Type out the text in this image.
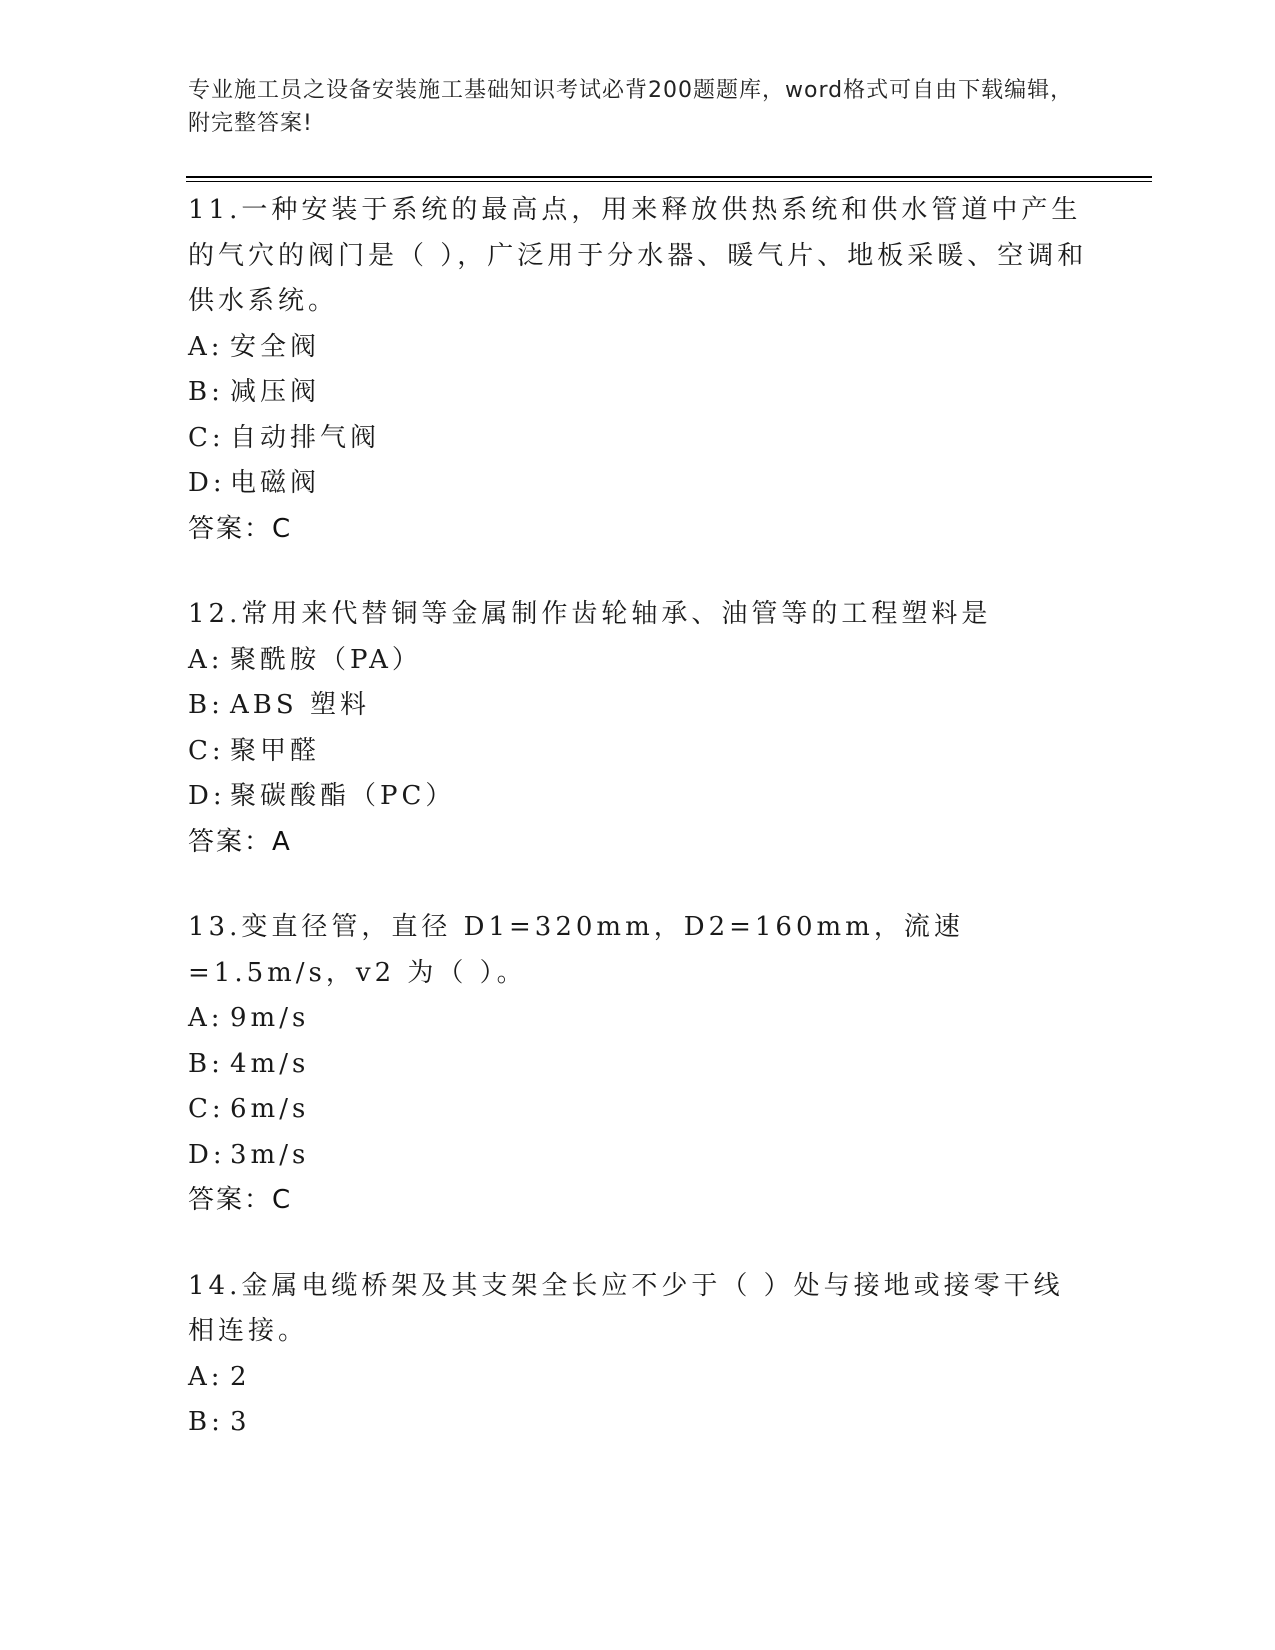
专业施工员之设备安装施工基础知识考试必背200题题库，word格式可自由下载编辑，附完整答案!
11.一种安装于系统的最高点，用来释放供热系统和供水管道中产生的气穴的阀门是（ ），广泛用于分水器、暖气片、地板采暖、空调和供水系统。
A: 安全阀
B: 减压阀
C: 自动排气阀
D: 电磁阀
答案：C
12.常用来代替铜等金属制作齿轮轴承、油管等的工程塑料是
A: 聚酰胺（PA）
B: ABS 塑料
C: 聚甲醛
D: 聚碳酸酯（PC）
答案：A
13.变直径管，直径 D1=320mm，D2=160mm，流速=1.5m/s，v2 为（ ）。
A: 9m/s
B: 4m/s
C: 6m/s
D: 3m/s
答案：C
14.金属电缆桥架及其支架全长应不少于（ ）处与接地或接零干线相连接。
A: 2
B: 3
